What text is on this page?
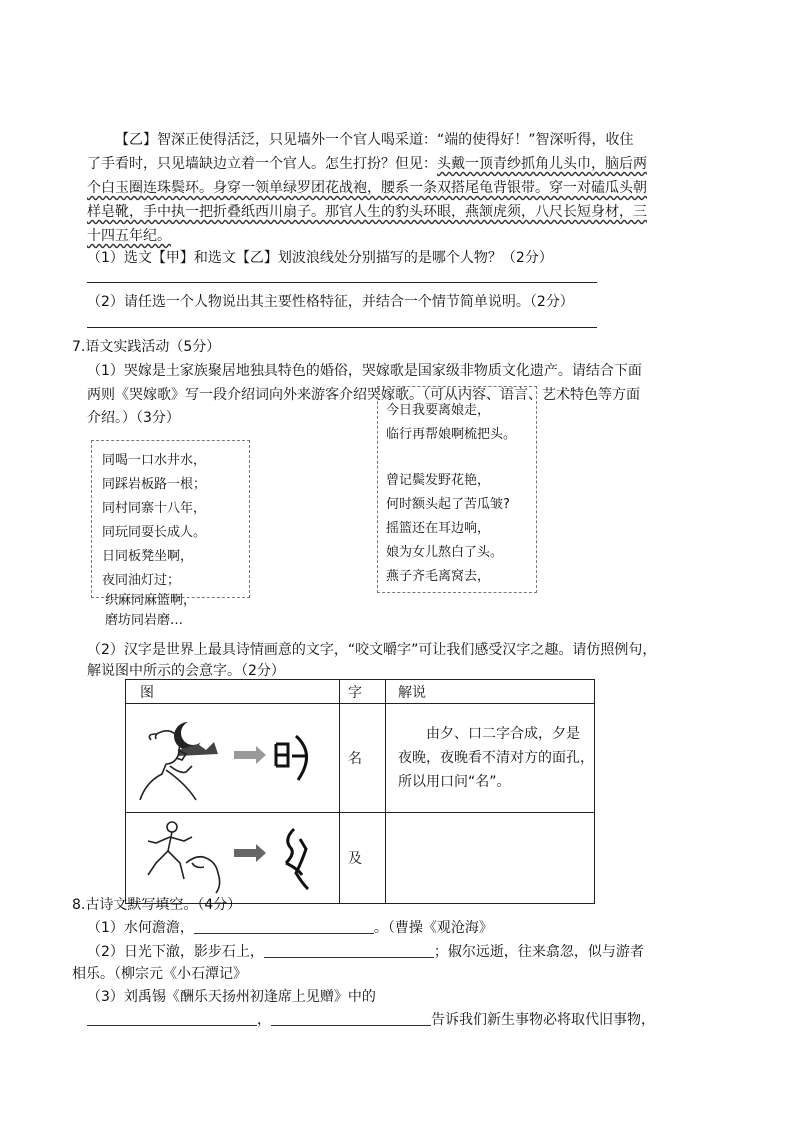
【乙】智深正使得活泛，只见墙外一个官人喝采道：“端的使得好！”智深听得，收住
了手看时，只见墙缺边立着一个官人。怎生打扮？但见：头戴一顶青纱抓角儿头巾，脑后两
个白玉圈连珠鬓环。身穿一领单绿罗团花战袍，腰系一条双搭尾龟背银带。穿一对磕瓜头朝
样皂靴，手中执一把折叠纸西川扇子。那官人生的豹头环眼，燕颔虎须，八尺长短身材，三
十四五年纪。
（1）选文【甲】和选文【乙】划波浪线处分别描写的是哪个人物？（2分）
（2）请任选一个人物说出其主要性格特征，并结合一个情节简单说明。（2分）
7.语文实践活动（5分）
（1）哭嫁是土家族聚居地独具特色的婚俗，哭嫁歌是国家级非物质文化遗产。请结合下面
两则《哭嫁歌》写一段介绍词向外来游客介绍哭嫁歌。（可从内容、语言、艺术特色等方面
介绍。）（3分）
同喝一口水井水，
同踩岩板路一根；
同村同寨十八年，
同玩同耍长成人。
日同板凳坐啊，
夜同油灯过；
织麻同麻篮啊，
磨坊同岩磨…
今日我要离娘走，
临行再帮娘啊梳把头。
曾记鬓发野花艳，
何时额头起了苦瓜皱?
摇篮还在耳边响，
娘为女儿熬白了头。
燕子齐毛离窝去，
（2）汉字是世界上最具诗情画意的文字，“咬文嚼字”可让我们感受汉字之趣。请仿照例句，
解说图中所示的会意字。（2分）
图	字	解说
	名	由夕、口二字合成，夕是
夜晚，夜晚看不清对方的面孔，
所以用口问“名”。

	及	
8.古诗文默写填空。（4分）
（1）水何澹澹，	。（曹操《观沧海》
（2）日光下澈，影步石上，	；俶尔远逝，往来翕忽，似与游者
相乐。（柳宗元《小石潭记》
（3）刘禹锡《酬乐天扬州初逢席上见赠》中的
，	告诉我们新生事物必将取代旧事物，
